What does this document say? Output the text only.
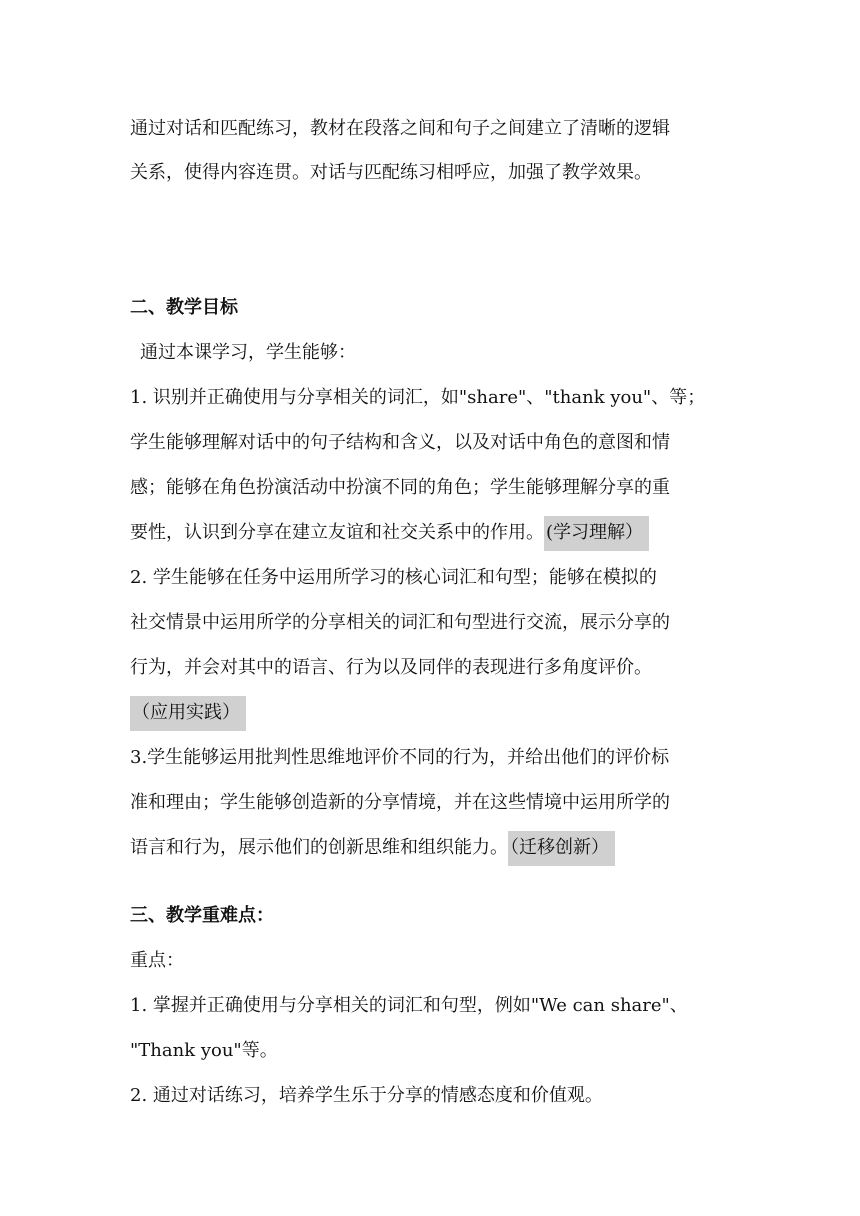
通过对话和匹配练习，教材在段落之间和句子之间建立了清晰的逻辑
关系，使得内容连贯。对话与匹配练习相呼应，加强了教学效果。
二、教学目标
通过本课学习，学生能够：
1. 识别并正确使用与分享相关的词汇，如"share"、"thank you"、等；
学生能够理解对话中的句子结构和含义，以及对话中角色的意图和情
感；能够在角色扮演活动中扮演不同的角色；学生能够理解分享的重
要性，认识到分享在建立友谊和社交关系中的作用。 (学习理解）
2. 学生能够在任务中运用所学习的核心词汇和句型；能够在模拟的
社交情景中运用所学的分享相关的词汇和句型进行交流，展示分享的
行为，并会对其中的语言、行为以及同伴的表现进行多角度评价。
（应用实践）
3.学生能够运用批判性思维地评价不同的行为，并给出他们的评价标
准和理由；学生能够创造新的分享情境，并在这些情境中运用所学的
语言和行为，展示他们的创新思维和组织能力。 （迁移创新）
三、教学重难点：
重点：
1. 掌握并正确使用与分享相关的词汇和句型，例如"We can share"、
"Thank you"等。
2. 通过对话练习，培养学生乐于分享的情感态度和价值观。
